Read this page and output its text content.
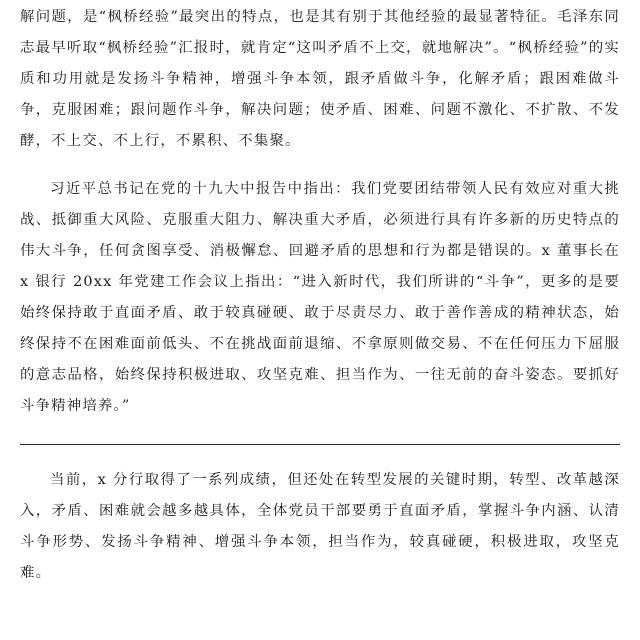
解问题，是“枫桥经验”最突出的特点，也是其有别于其他经验的最显著特征。毛泽东同志最早听取“枫桥经验”汇报时，就肯定“这叫矛盾不上交，就地解决”。“枫桥经验”的实质和功用就是发扬斗争精神，增强斗争本领，跟矛盾做斗争，化解矛盾；跟困难做斗争，克服困难；跟问题作斗争，解决问题；使矛盾、困难、问题不激化、不扩散、不发酵，不上交、不上行，不累积、不集聚。

习近平总书记在党的十九大中报告中指出：我们党要团结带领人民有效应对重大挑战、抵御重大风险、克服重大阻力、解决重大矛盾，必须进行具有许多新的历史特点的伟大斗争，任何贪图享受、消极懈怠、回避矛盾的思想和行为都是错误的。x 董事长在 x 银行 20xx 年党建工作会议上指出：“进入新时代，我们所讲的“斗争”，更多的是要始终保持敢于直面矛盾、敢于较真碰硬、敢于尽责尽力、敢于善作善成的精神状态，始终保持不在困难面前低头、不在挑战面前退缩、不拿原则做交易、不在任何压力下屈服的意志品格，始终保持积极进取、攻坚克难、担当作为、一往无前的奋斗姿态。要抓好斗争精神培养。”

当前，x 分行取得了一系列成绩，但还处在转型发展的关键时期，转型、改革越深入，矛盾、困难就会越多越具体，全体党员干部要勇于直面矛盾，掌握斗争内涵、认清斗争形势、发扬斗争精神、增强斗争本领，担当作为，较真碰硬，积极进取，攻坚克难。
